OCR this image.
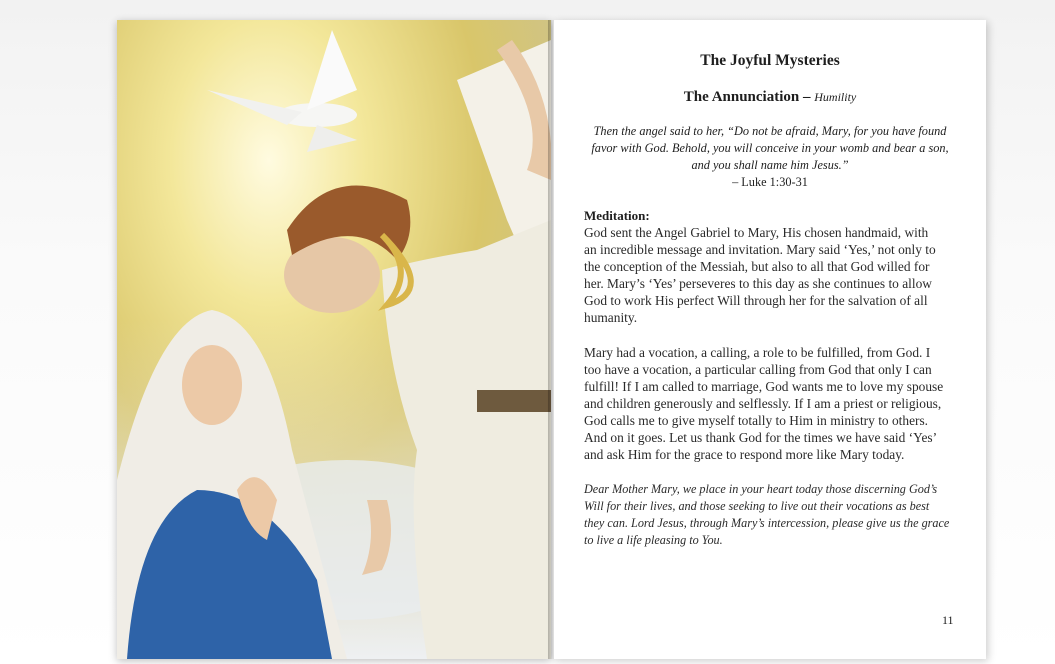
The Joyful Mysteries
The Annunciation – Humility
Then the angel said to her, “Do not be afraid, Mary, for you have found
favor with God. Behold, you will conceive in your womb and bear a son,
and you shall name him Jesus.”
– Luke 1:30-31
Meditation:
God sent the Angel Gabriel to Mary, His chosen handmaid, with
an incredible message and invitation. Mary said ‘Yes,’ not only to
the conception of the Messiah, but also to all that God willed for
her. Mary’s ‘Yes’ perseveres to this day as she continues to allow
God to work His perfect Will through her for the salvation of all
humanity.
Mary had a vocation, a calling, a role to be fulfilled, from God. I
too have a vocation, a particular calling from God that only I can
fulfill! If I am called to marriage, God wants me to love my spouse
and children generously and selflessly. If I am a priest or religious,
God calls me to give myself totally to Him in ministry to others.
And on it goes. Let us thank God for the times we have said ‘Yes’
and ask Him for the grace to respond more like Mary today.
Dear Mother Mary, we place in your heart today those discerning God’s
Will for their lives, and those seeking to live out their vocations as best
they can. Lord Jesus, through Mary’s intercession, please give us the grace
to live a life pleasing to You.
11
